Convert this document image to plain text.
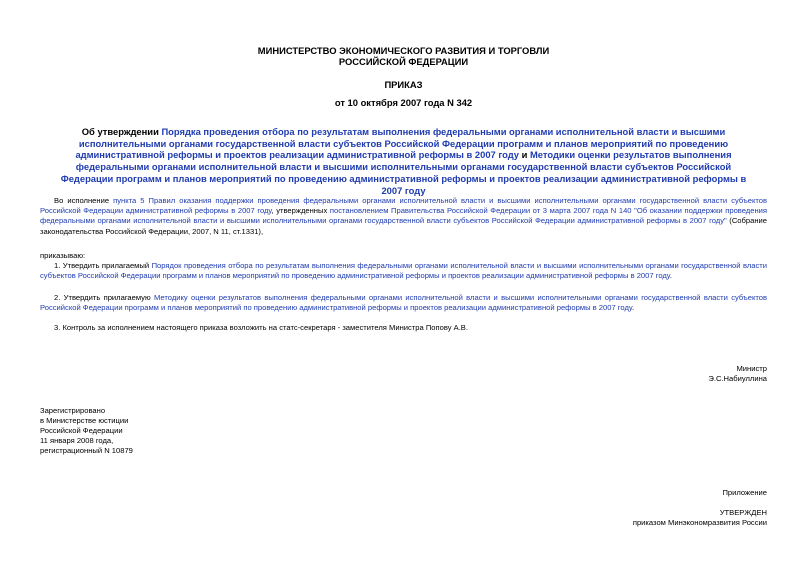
МИНИСТЕРСТВО ЭКОНОМИЧЕСКОГО РАЗВИТИЯ И ТОРГОВЛИ
РОССИЙСКОЙ ФЕДЕРАЦИИ
ПРИКАЗ
от 10 октября 2007 года N 342
Об утверждении Порядка проведения отбора по результатам выполнения федеральными органами исполнительной власти и высшими исполнительными органами государственной власти субъектов Российской Федерации программ и планов мероприятий по проведению административной реформы и проектов реализации административной реформы в 2007 году и Методики оценки результатов выполнения федеральными органами исполнительной власти и высшими исполнительными органами государственной власти субъектов Российской Федерации программ и планов мероприятий по проведению административной реформы и проектов реализации административной реформы в 2007 году
Во исполнение пункта 5 Правил оказания поддержки проведения федеральными органами исполнительной власти и высшими исполнительными органами государственной власти субъектов Российской Федерации административной реформы в 2007 году, утвержденных постановлением Правительства Российской Федерации от 3 марта 2007 года N 140 "Об оказании поддержки проведения федеральными органами исполнительной власти и высшими исполнительными органами государственной власти субъектов Российской Федерации административной реформы в 2007 году" (Собрание законодательства Российской Федерации, 2007, N 11, ст.1331),
приказываю:
1. Утвердить прилагаемый Порядок проведения отбора по результатам выполнения федеральными органами исполнительной власти и высшими исполнительными органами государственной власти субъектов Российской Федерации программ и планов мероприятий по проведению административной реформы и проектов реализации административной реформы в 2007 году.
2. Утвердить прилагаемую Методику оценки результатов выполнения федеральными органами исполнительной власти и высшими исполнительными органами государственной власти субъектов Российской Федерации программ и планов мероприятий по проведению административной реформы и проектов реализации административной реформы в 2007 году.
3. Контроль за исполнением настоящего приказа возложить на статс-секретаря - заместителя Министра Попову А.В.
Министр
Э.С.Набиуллина
Зарегистрировано
в Министерстве юстиции
Российской Федерации
11 января 2008 года,
регистрационный N 10879
Приложение
УТВЕРЖДЕН
приказом Минэкономразвития России
